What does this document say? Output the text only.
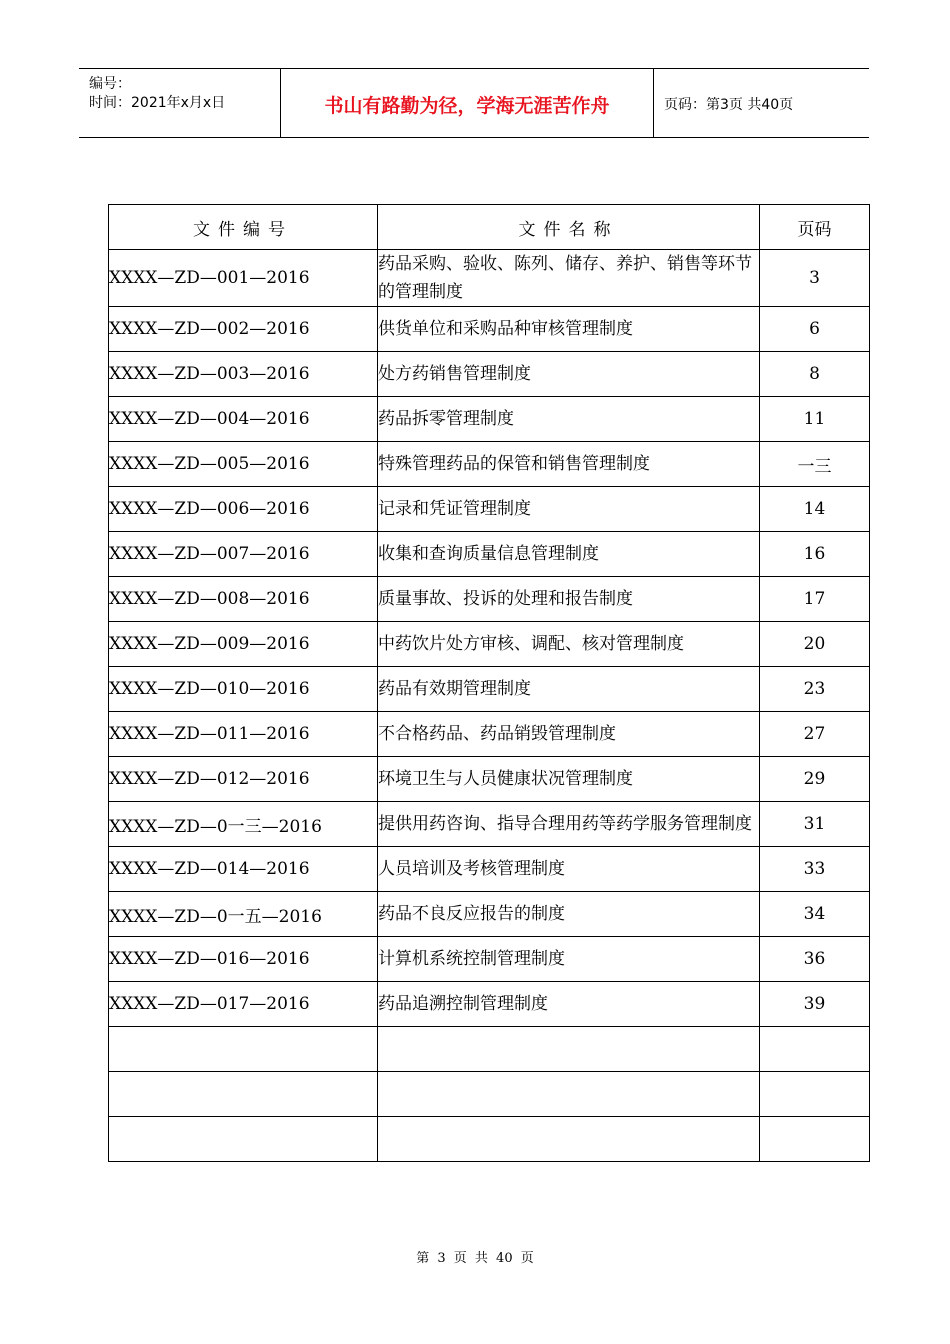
编号：
时间：2021年x月x日	书山有路勤为径，学海无涯苦作舟	页码：第3页 共40页
文件编号	文件名称	页码
XXXX—ZD—001—2016	药品采购、验收、陈列、储存、养护、销售等环节的管理制度	3
XXXX—ZD—002—2016	供货单位和采购品种审核管理制度	6
XXXX—ZD—003—2016	处方药销售管理制度	8
XXXX—ZD—004—2016	药品拆零管理制度	11
XXXX—ZD—005—2016	特殊管理药品的保管和销售管理制度	一三
XXXX—ZD—006—2016	记录和凭证管理制度	14
XXXX—ZD—007—2016	收集和查询质量信息管理制度	16
XXXX—ZD—008—2016	质量事故、投诉的处理和报告制度	17
XXXX—ZD—009—2016	中药饮片处方审核、调配、核对管理制度	20
XXXX—ZD—010—2016	药品有效期管理制度	23
XXXX—ZD—011—2016	不合格药品、药品销毁管理制度	27
XXXX—ZD—012—2016	环境卫生与人员健康状况管理制度	29
XXXX—ZD—0一三—2016	提供用药咨询、指导合理用药等药学服务管理制度	31
XXXX—ZD—014—2016	人员培训及考核管理制度	33
XXXX—ZD—0一五—2016	药品不良反应报告的制度	34
XXXX—ZD—016—2016	计算机系统控制管理制度	36
XXXX—ZD—017—2016	药品追溯控制管理制度	39

第 3 页 共 40 页
